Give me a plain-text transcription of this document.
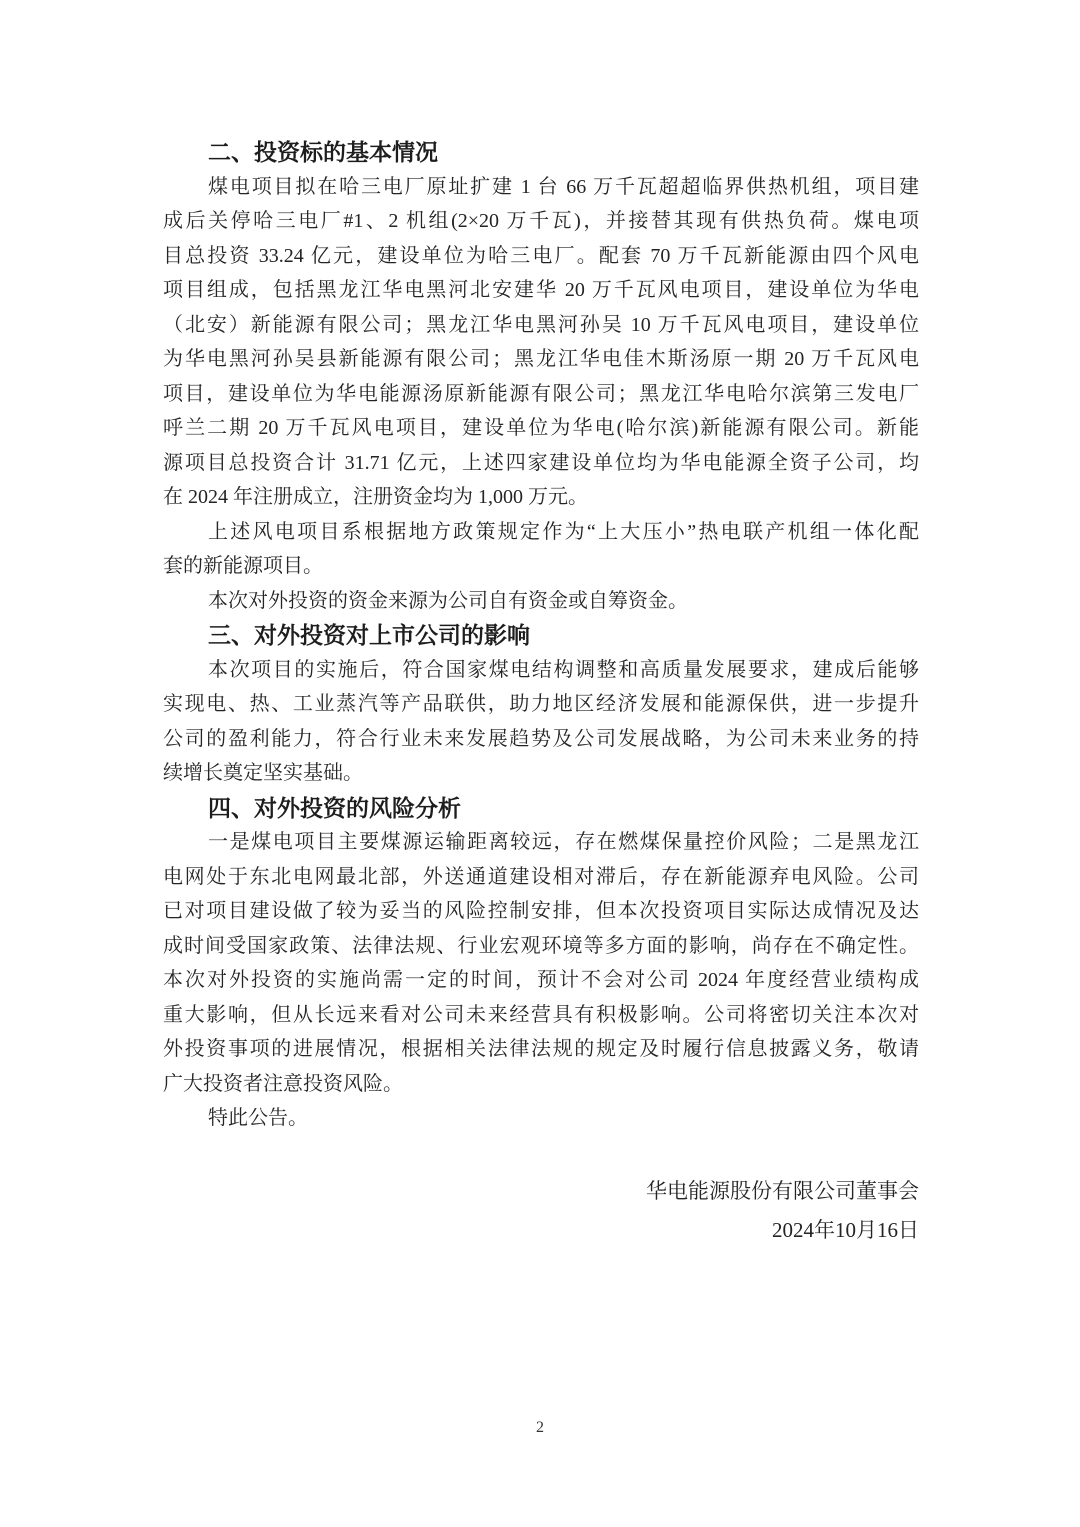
二、投资标的基本情况
煤电项目拟在哈三电厂原址扩建 1 台 66 万千瓦超超临界供热机组，项目建
成后关停哈三电厂#1、2 机组(2×20 万千瓦)，并接替其现有供热负荷。煤电项
目总投资 33.24 亿元，建设单位为哈三电厂。配套 70 万千瓦新能源由四个风电
项目组成，包括黑龙江华电黑河北安建华 20 万千瓦风电项目，建设单位为华电
（北安）新能源有限公司；黑龙江华电黑河孙吴 10 万千瓦风电项目，建设单位
为华电黑河孙吴县新能源有限公司；黑龙江华电佳木斯汤原一期 20 万千瓦风电
项目，建设单位为华电能源汤原新能源有限公司；黑龙江华电哈尔滨第三发电厂
呼兰二期 20 万千瓦风电项目，建设单位为华电(哈尔滨)新能源有限公司。新能
源项目总投资合计 31.71 亿元，上述四家建设单位均为华电能源全资子公司，均
在 2024 年注册成立，注册资金均为 1,000 万元。
上述风电项目系根据地方政策规定作为“上大压小”热电联产机组一体化配
套的新能源项目。
本次对外投资的资金来源为公司自有资金或自筹资金。
三、对外投资对上市公司的影响
本次项目的实施后，符合国家煤电结构调整和高质量发展要求，建成后能够
实现电、热、工业蒸汽等产品联供，助力地区经济发展和能源保供，进一步提升
公司的盈利能力，符合行业未来发展趋势及公司发展战略，为公司未来业务的持
续增长奠定坚实基础。
四、对外投资的风险分析
一是煤电项目主要煤源运输距离较远，存在燃煤保量控价风险；二是黑龙江
电网处于东北电网最北部，外送通道建设相对滞后，存在新能源弃电风险。公司
已对项目建设做了较为妥当的风险控制安排，但本次投资项目实际达成情况及达
成时间受国家政策、法律法规、行业宏观环境等多方面的影响，尚存在不确定性。
本次对外投资的实施尚需一定的时间，预计不会对公司 2024 年度经营业绩构成
重大影响，但从长远来看对公司未来经营具有积极影响。公司将密切关注本次对
外投资事项的进展情况，根据相关法律法规的规定及时履行信息披露义务，敬请
广大投资者注意投资风险。
特此公告。
华电能源股份有限公司董事会
2024年10月16日
2
